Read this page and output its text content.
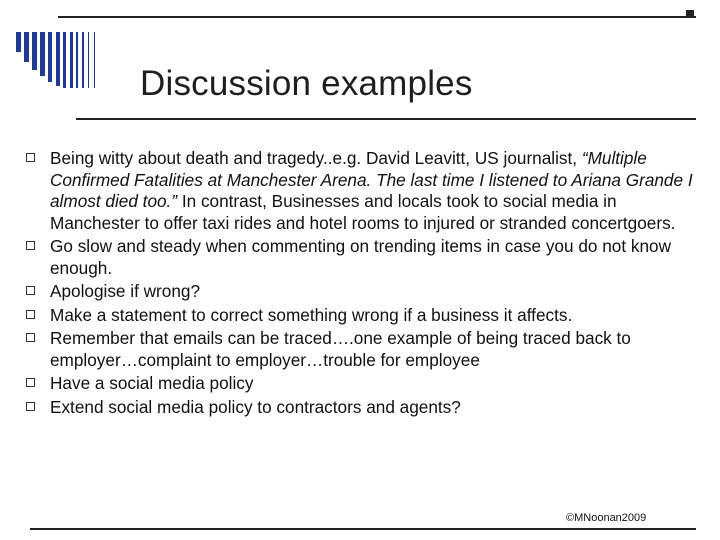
Discussion examples
Being witty about death and tragedy..e.g. David Leavitt, US journalist, “Multiple Confirmed Fatalities at Manchester Arena. The last time I listened to Ariana Grande I almost died too.” In contrast, Businesses and locals took to social media in Manchester to offer taxi rides and hotel rooms to injured or stranded concertgoers.
Go slow and steady when commenting on trending items in case you do not know enough.
Apologise if wrong?
Make a statement to correct something wrong if a business it affects.
Remember that emails can be traced….one example of being traced back to employer…complaint to employer…trouble for employee
Have a social media policy
Extend social media policy to contractors and agents?
©MNoonan2009
